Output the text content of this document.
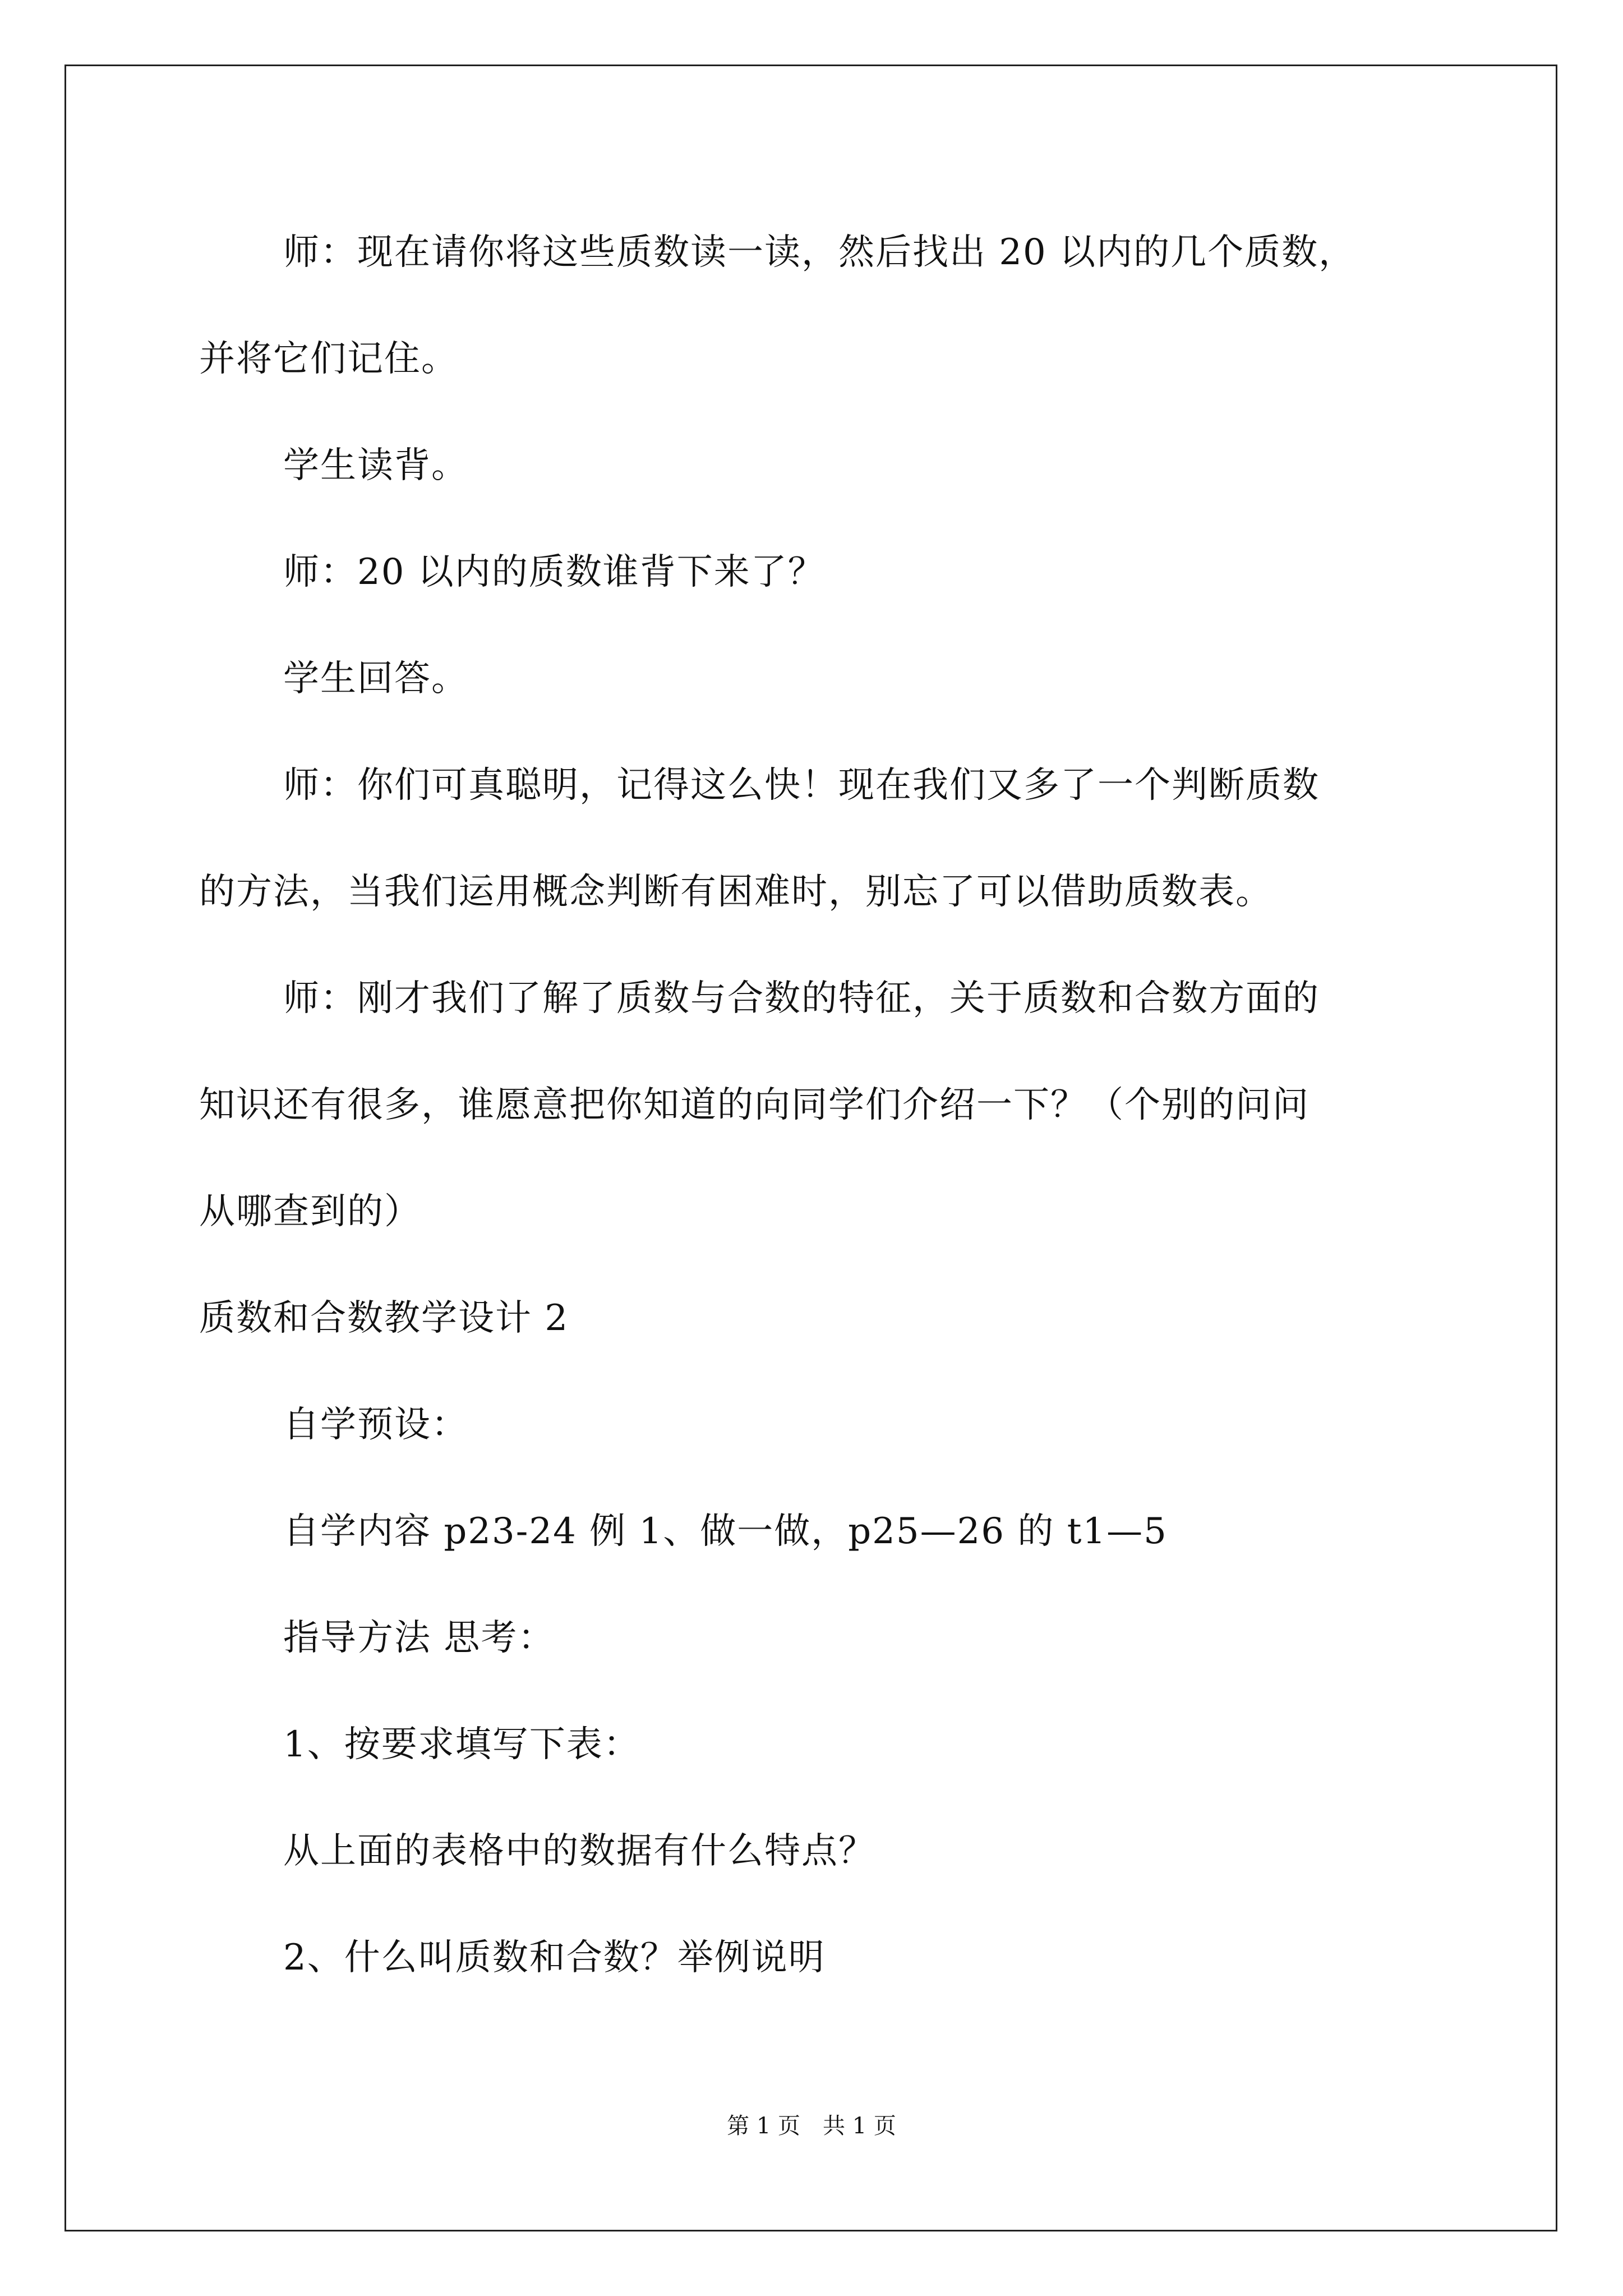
师：现在请你将这些质数读一读，然后找出 20 以内的几个质数，
并将它们记住。
学生读背。
师：20 以内的质数谁背下来了？
学生回答。
师：你们可真聪明，记得这么快！现在我们又多了一个判断质数
的方法，当我们运用概念判断有困难时，别忘了可以借助质数表。
师：刚才我们了解了质数与合数的特征，关于质数和合数方面的
知识还有很多，谁愿意把你知道的向同学们介绍一下？（个别的问问
从哪查到的）
质数和合数教学设计 2
自学预设：
自学内容 p23-24 例 1、做一做，p25—26 的 t1—5
指导方法 思考：
1、按要求填写下表：
从上面的表格中的数据有什么特点？
2、什么叫质数和合数？举例说明
第 1 页　共 1 页
